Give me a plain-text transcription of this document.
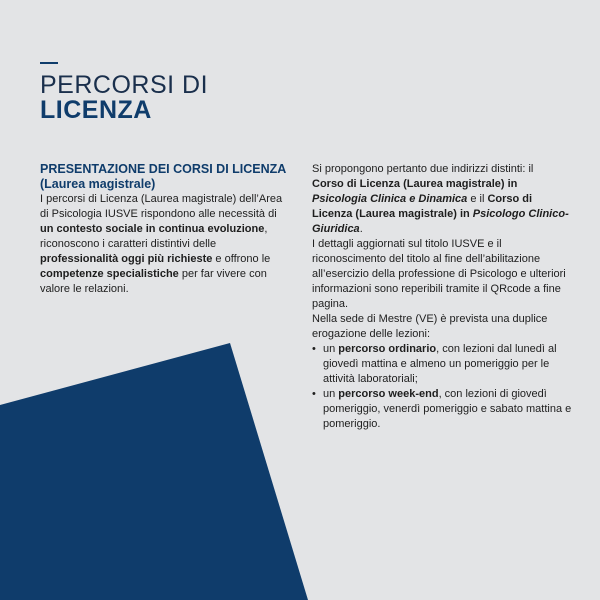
PERCORSI DI
LICENZA

PRESENTAZIONE DEI CORSI DI LICENZA
(Laurea magistrale)

I percorsi di Licenza (Laurea magistrale) dell’Area di Psicologia IUSVE rispondono alle necessità di un contesto sociale in continua evoluzione, riconoscono i caratteri distintivi delle professionalità oggi più richieste e offrono le competenze specialistiche per far vivere con valore le relazioni.

Si propongono pertanto due indirizzi distinti: il
Corso di Licenza (Laurea magistrale) in Psicologia Clinica e Dinamica e il Corso di Licenza (Laurea magistrale) in Psicologo Clinico-Giuridica.

I dettagli aggiornati sul titolo IUSVE e il riconoscimento del titolo al fine dell’abilitazione all’esercizio della professione di Psicologo e ulteriori informazioni sono reperibili tramite il QRcode a fine pagina.

Nella sede di Mestre (VE) è prevista una duplice erogazione delle lezioni:

• un percorso ordinario, con lezioni dal lunedì al giovedì mattina e almeno un pomeriggio per le attività laboratoriali;
• un percorso week-end, con lezioni di giovedì pomeriggio, venerdì pomeriggio e sabato mattina e pomeriggio.
